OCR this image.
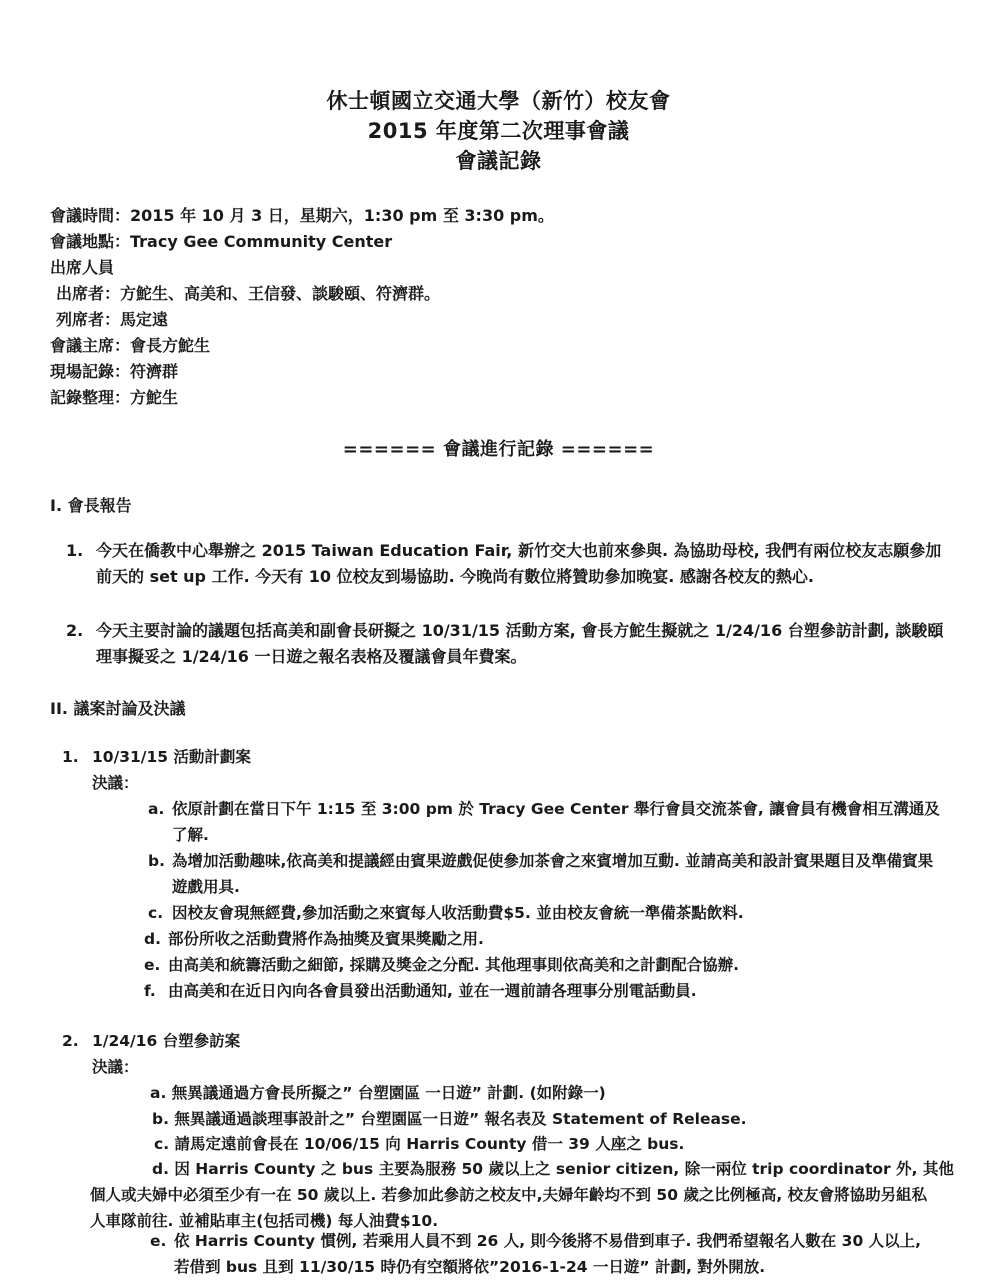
休士頓國立交通大學（新竹）校友會
2015 年度第二次理事會議
會議記錄
會議時間：2015 年 10 月 3 日，星期六，1:30 pm 至 3:30 pm。
會議地點：Tracy Gee Community Center
出席人員
出席者：方鮀生、高美和、王信發、談駿頤、符濟群。
列席者：馬定遠
會議主席：會長方鮀生
現場記錄：符濟群
記錄整理：方鮀生
====== 會議進行記錄 ======
I. 會長報告
1. 今天在僑教中心舉辦之 2015 Taiwan Education Fair, 新竹交大也前來參與. 為協助母校, 我們有兩位校友志願參加前天的 set up 工作. 今天有 10 位校友到場協助. 今晚尚有數位將贊助參加晚宴. 感謝各校友的熱心.
2. 今天主要討論的議題包括高美和副會長研擬之 10/31/15 活動方案, 會長方鮀生擬就之 1/24/16 台塑參訪計劃, 談駿頤理事擬妥之 1/24/16 一日遊之報名表格及覆議會員年費案。
II. 議案討論及決議
1. 10/31/15 活動計劃案
決議：
a. 依原計劃在當日下午 1:15 至 3:00 pm 於 Tracy Gee Center 舉行會員交流茶會, 讓會員有機會相互溝通及了解.
b. 為增加活動趣味,依高美和提議經由賓果遊戲促使參加茶會之來賓增加互動. 並請高美和設計賓果題目及準備賓果遊戲用具.
c. 因校友會現無經費,參加活動之來賓每人收活動費$5. 並由校友會統一準備茶點飲料.
d. 部份所收之活動費將作為抽獎及賓果獎勵之用.
e. 由高美和統籌活動之細節, 採購及獎金之分配. 其他理事則依高美和之計劃配合協辦.
f. 由高美和在近日內向各會員發出活動通知, 並在一週前請各理事分別電話動員.
2. 1/24/16 台塑參訪案
決議：
a. 無異議通過方會長所擬之” 台塑園區 一日遊” 計劃. (如附錄一)
b. 無異議通過談理事設計之” 台塑園區一日遊” 報名表及 Statement of Release.
c. 請馬定遠前會長在 10/06/15 向 Harris County 借一 39 人座之 bus.
d. 因 Harris County 之 bus 主要為服務 50 歲以上之 senior citizen, 除一兩位 trip coordinator 外, 其他
個人或夫婦中必須至少有一在 50 歲以上. 若參加此參訪之校友中,夫婦年齡均不到 50 歲之比例極高, 校友會將協助另組私人車隊前往. 並補貼車主(包括司機) 每人油費$10.
e. 依 Harris County 慣例, 若乘用人員不到 26 人, 則今後將不易借到車子. 我們希望報名人數在 30 人以上, 若借到 bus 且到 11/30/15 時仍有空額將依”2016-1-24 一日遊” 計劃, 對外開放.
